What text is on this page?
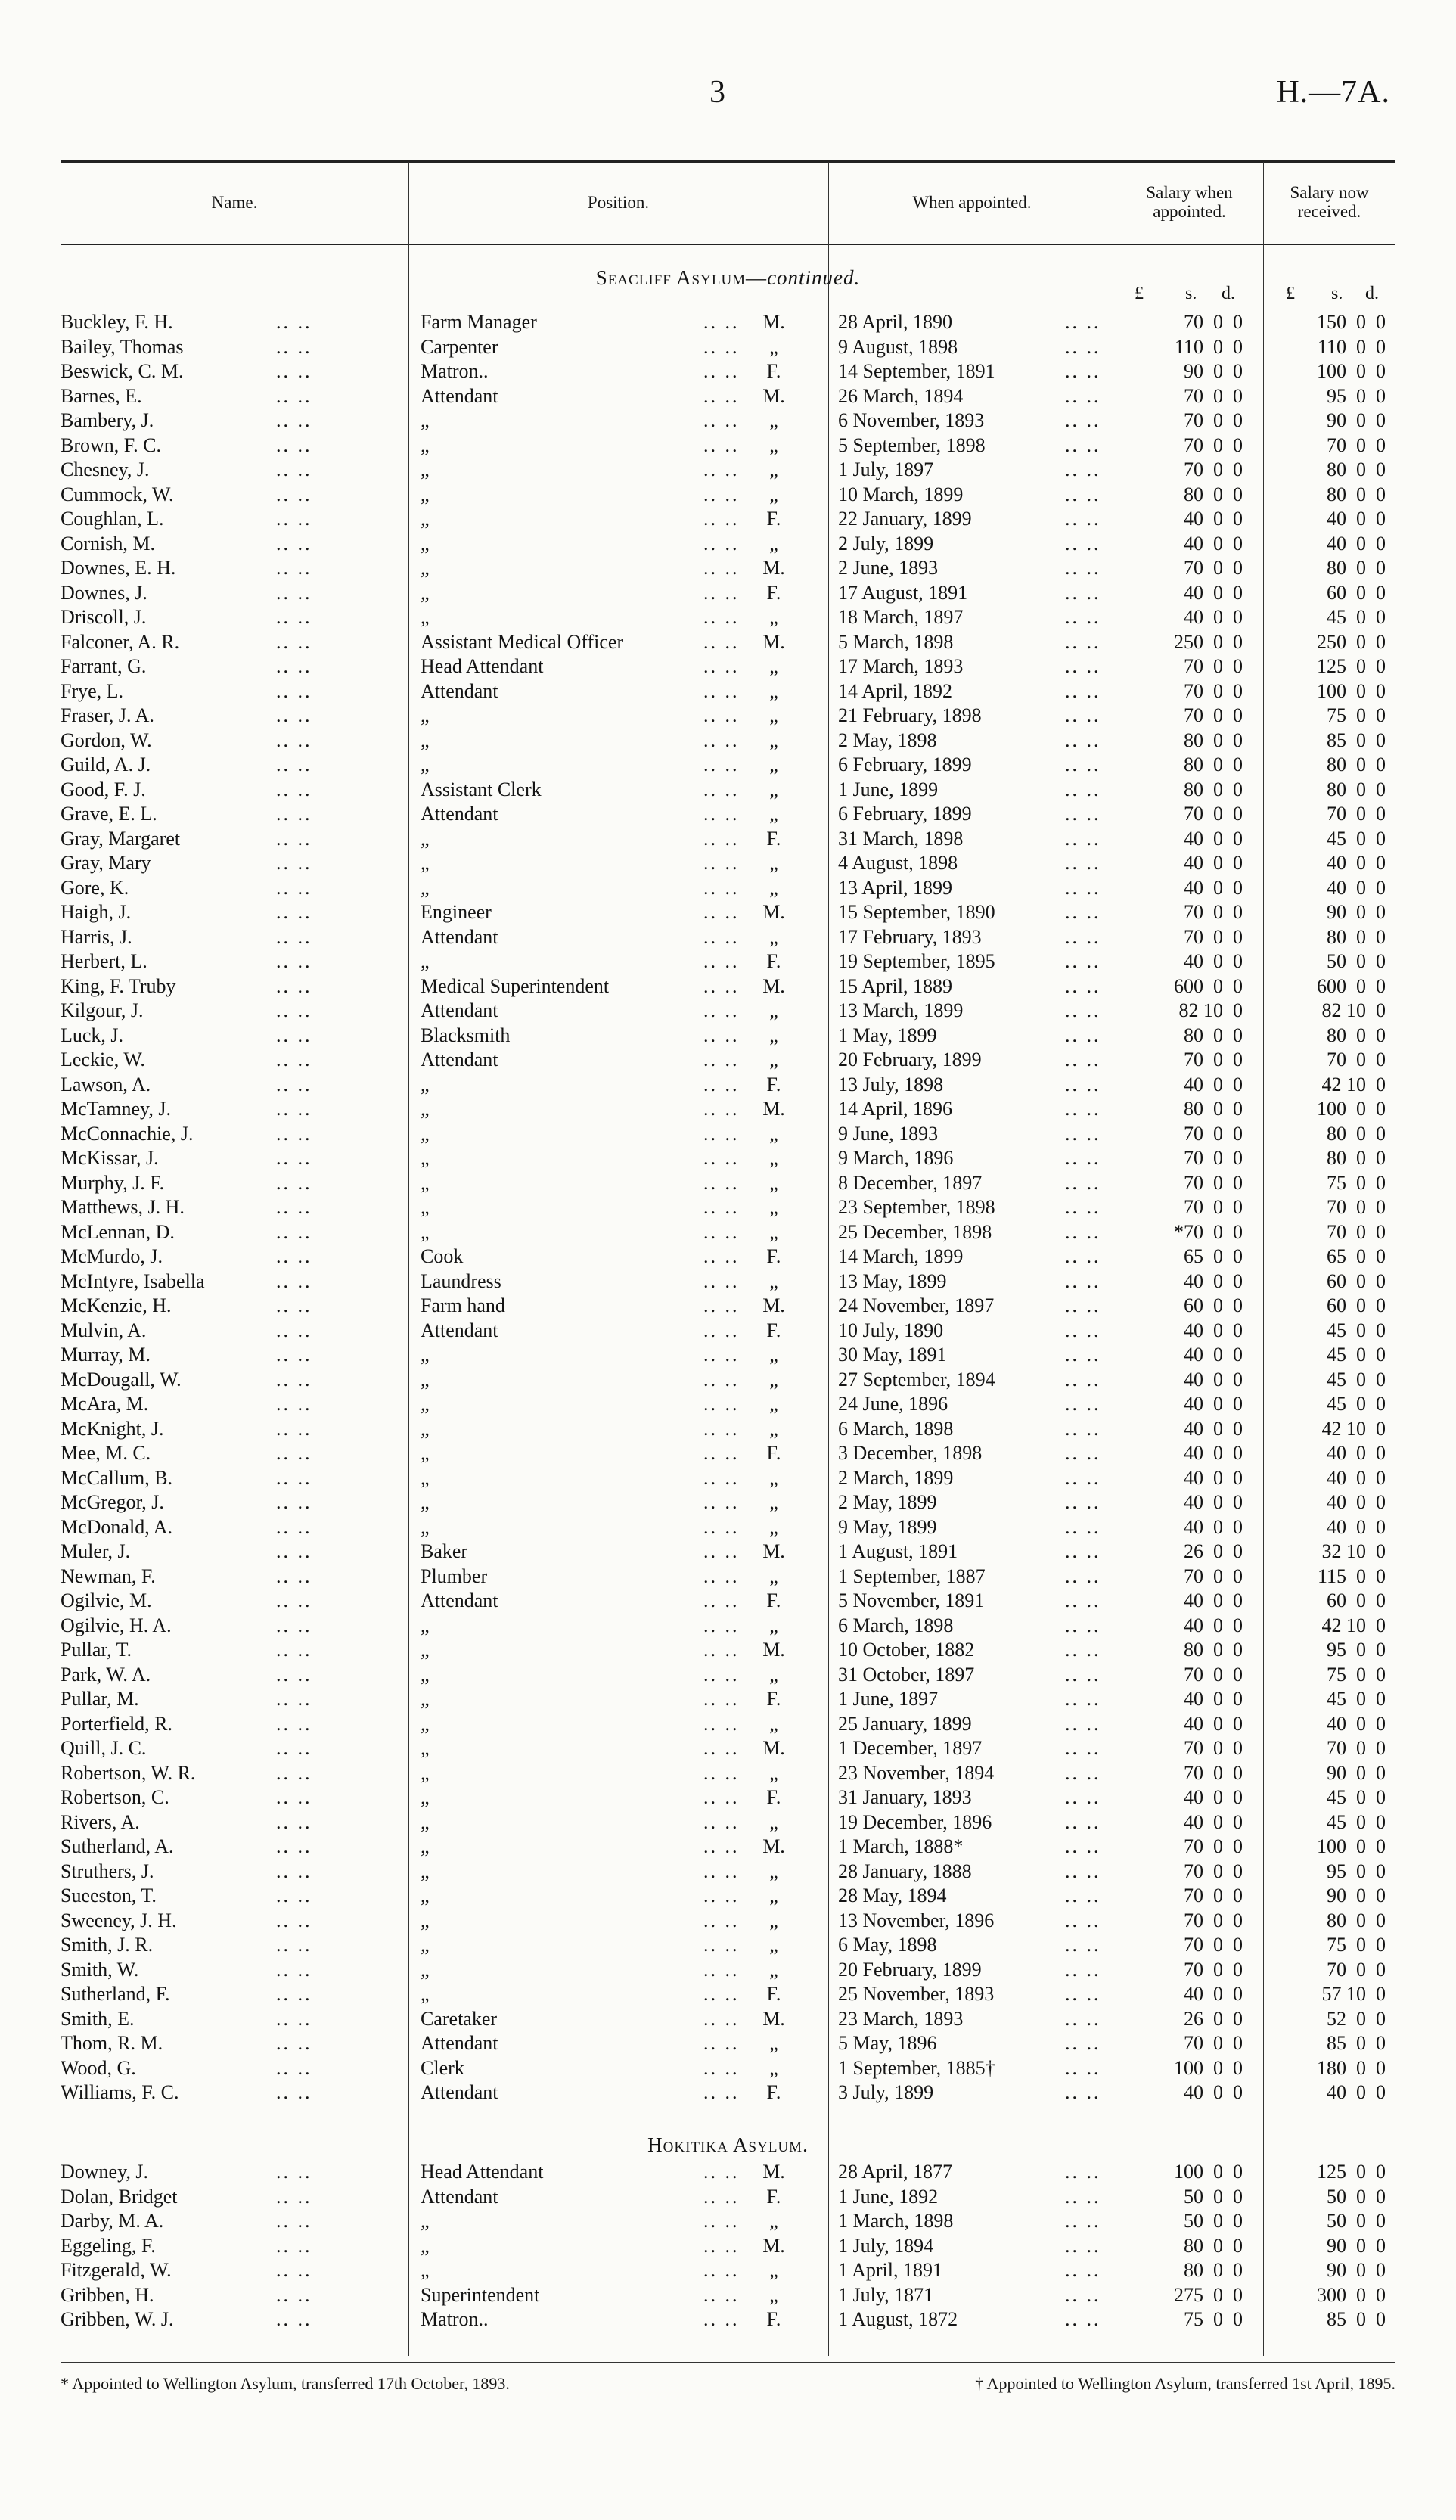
3	H.—7A.
Name.	Position.	When appointed.	Salary when appointed.
Salary now received.
Seacliff Asylum—continued.
£ s. d.	£ s. d.
Buckley, F. H.	Farm Manager	M.	28 April, 1890	70  0  0	150  0  0
.. ..	.. ..	.. ..
Bailey, Thomas	Carpenter	„	9 August, 1898	110  0  0	110  0  0
.. ..	.. ..	.. ..
Beswick, C. M.	Matron..	F.	14 September, 1891	90  0  0	100  0  0
.. ..	.. ..	.. ..
Barnes, E.	Attendant	M.	26 March, 1894	70  0  0	95  0  0
.. ..	.. ..	.. ..
Bambery, J.	„	„	6 November, 1893	70  0  0	90  0  0
.. ..	.. ..	.. ..
Brown, F. C.	„	„	5 September, 1898	70  0  0	70  0  0
.. ..	.. ..	.. ..
Chesney, J.	„	„	1 July, 1897	70  0  0	80  0  0
.. ..	.. ..	.. ..
Cummock, W.	„	„	10 March, 1899	80  0  0	80  0  0
.. ..	.. ..	.. ..
Coughlan, L.	„	F.	22 January, 1899	40  0  0	40  0  0
.. ..	.. ..	.. ..
Cornish, M.	„	„	2 July, 1899	40  0  0	40  0  0
.. ..	.. ..	.. ..
Downes, E. H.	„	M.	2 June, 1893	70  0  0	80  0  0
.. ..	.. ..	.. ..
Downes, J.	„	F.	17 August, 1891	40  0  0	60  0  0
.. ..	.. ..	.. ..
Driscoll, J.	„	„	18 March, 1897	40  0  0	45  0  0
.. ..	.. ..	.. ..
Falconer, A. R.	Assistant Medical Officer	M.	5 March, 1898	250  0  0	250  0  0
.. ..	.. ..	.. ..
Farrant, G.	Head Attendant	„	17 March, 1893	70  0  0	125  0  0
.. ..	.. ..	.. ..
Frye, L.	Attendant	„	14 April, 1892	70  0  0	100  0  0
.. ..	.. ..	.. ..
Fraser, J. A.	„	„	21 February, 1898	70  0  0	75  0  0
.. ..	.. ..	.. ..
Gordon, W.	„	„	2 May, 1898	80  0  0	85  0  0
.. ..	.. ..	.. ..
Guild, A. J.	„	„	6 February, 1899	80  0  0	80  0  0
.. ..	.. ..	.. ..
Good, F. J.	Assistant Clerk	„	1 June, 1899	80  0  0	80  0  0
.. ..	.. ..	.. ..
Grave, E. L.	Attendant	„	6 February, 1899	70  0  0	70  0  0
.. ..	.. ..	.. ..
Gray, Margaret	„	F.	31 March, 1898	40  0  0	45  0  0
.. ..	.. ..	.. ..
Gray, Mary	„	„	4 August, 1898	40  0  0	40  0  0
.. ..	.. ..	.. ..
Gore, K.	„	„	13 April, 1899	40  0  0	40  0  0
.. ..	.. ..	.. ..
Haigh, J.	Engineer	M.	15 September, 1890	70  0  0	90  0  0
.. ..	.. ..	.. ..
Harris, J.	Attendant	„	17 February, 1893	70  0  0	80  0  0
.. ..	.. ..	.. ..
Herbert, L.	„	F.	19 September, 1895	40  0  0	50  0  0
.. ..	.. ..	.. ..
King, F. Truby	Medical Superintendent	M.	15 April, 1889	600  0  0	600  0  0
.. ..	.. ..	.. ..
Kilgour, J.	Attendant	„	13 March, 1899	82 10  0	82 10  0
.. ..	.. ..	.. ..
Luck, J.	Blacksmith	„	1 May, 1899	80  0  0	80  0  0
.. ..	.. ..	.. ..
Leckie, W.	Attendant	„	20 February, 1899	70  0  0	70  0  0
.. ..	.. ..	.. ..
Lawson, A.	„	F.	13 July, 1898	40  0  0	42 10  0
.. ..	.. ..	.. ..
McTamney, J.	„	M.	14 April, 1896	80  0  0	100  0  0
.. ..	.. ..	.. ..
McConnachie, J.	„	„	9 June, 1893	70  0  0	80  0  0
.. ..	.. ..	.. ..
McKissar, J.	„	„	9 March, 1896	70  0  0	80  0  0
.. ..	.. ..	.. ..
Murphy, J. F.	„	„	8 December, 1897	70  0  0	75  0  0
.. ..	.. ..	.. ..
Matthews, J. H.	„	„	23 September, 1898	70  0  0	70  0  0
.. ..	.. ..	.. ..
McLennan, D.	„	„	25 December, 1898	*70  0  0	70  0  0
.. ..	.. ..	.. ..
McMurdo, J.	Cook	F.	14 March, 1899	65  0  0	65  0  0
.. ..	.. ..	.. ..
McIntyre, Isabella	Laundress	„	13 May, 1899	40  0  0	60  0  0
.. ..	.. ..	.. ..
McKenzie, H.	Farm hand	M.	24 November, 1897	60  0  0	60  0  0
.. ..	.. ..	.. ..
Mulvin, A.	Attendant	F.	10 July, 1890	40  0  0	45  0  0
.. ..	.. ..	.. ..
Murray, M.	„	„	30 May, 1891	40  0  0	45  0  0
.. ..	.. ..	.. ..
McDougall, W.	„	„	27 September, 1894	40  0  0	45  0  0
.. ..	.. ..	.. ..
McAra, M.	„	„	24 June, 1896	40  0  0	45  0  0
.. ..	.. ..	.. ..
McKnight, J.	„	„	6 March, 1898	40  0  0	42 10  0
.. ..	.. ..	.. ..
Mee, M. C.	„	F.	3 December, 1898	40  0  0	40  0  0
.. ..	.. ..	.. ..
McCallum, B.	„	„	2 March, 1899	40  0  0	40  0  0
.. ..	.. ..	.. ..
McGregor, J.	„	„	2 May, 1899	40  0  0	40  0  0
.. ..	.. ..	.. ..
McDonald, A.	„	„	9 May, 1899	40  0  0	40  0  0
.. ..	.. ..	.. ..
Muler, J.	Baker	M.	1 August, 1891	26  0  0	32 10  0
.. ..	.. ..	.. ..
Newman, F.	Plumber	„	1 September, 1887	70  0  0	115  0  0
.. ..	.. ..	.. ..
Ogilvie, M.	Attendant	F.	5 November, 1891	40  0  0	60  0  0
.. ..	.. ..	.. ..
Ogilvie, H. A.	„	„	6 March, 1898	40  0  0	42 10  0
.. ..	.. ..	.. ..
Pullar, T.	„	M.	10 October, 1882	80  0  0	95  0  0
.. ..	.. ..	.. ..
Park, W. A.	„	„	31 October, 1897	70  0  0	75  0  0
.. ..	.. ..	.. ..
Pullar, M.	„	F.	1 June, 1897	40  0  0	45  0  0
.. ..	.. ..	.. ..
Porterfield, R.	„	„	25 January, 1899	40  0  0	40  0  0
.. ..	.. ..	.. ..
Quill, J. C.	„	M.	1 December, 1897	70  0  0	70  0  0
.. ..	.. ..	.. ..
Robertson, W. R.	„	„	23 November, 1894	70  0  0	90  0  0
.. ..	.. ..	.. ..
Robertson, C.	„	F.	31 January, 1893	40  0  0	45  0  0
.. ..	.. ..	.. ..
Rivers, A.	„	„	19 December, 1896	40  0  0	45  0  0
.. ..	.. ..	.. ..
Sutherland, A.	„	M.	1 March, 1888*	70  0  0	100  0  0
.. ..	.. ..	.. ..
Struthers, J.	„	„	28 January, 1888	70  0  0	95  0  0
.. ..	.. ..	.. ..
Sueeston, T.	„	„	28 May, 1894	70  0  0	90  0  0
.. ..	.. ..	.. ..
Sweeney, J. H.	„	„	13 November, 1896	70  0  0	80  0  0
.. ..	.. ..	.. ..
Smith, J. R.	„	„	6 May, 1898	70  0  0	75  0  0
.. ..	.. ..	.. ..
Smith, W.	„	„	20 February, 1899	70  0  0	70  0  0
.. ..	.. ..	.. ..
Sutherland, F.	„	F.	25 November, 1893	40  0  0	57 10  0
.. ..	.. ..	.. ..
Smith, E.	Caretaker	M.	23 March, 1893	26  0  0	52  0  0
.. ..	.. ..	.. ..
Thom, R. M.	Attendant	„	5 May, 1896	70  0  0	85  0  0
.. ..	.. ..	.. ..
Wood, G.	Clerk	„	1 September, 1885†	100  0  0	180  0  0
.. ..	.. ..	.. ..
Williams, F. C.	Attendant	F.	3 July, 1899	40  0  0	40  0  0
.. ..	.. ..	.. ..
Hokitika Asylum.
Downey, J.	Head Attendant	M.	28 April, 1877	100  0  0	125  0  0
.. ..	.. ..	.. ..
Dolan, Bridget	Attendant	F.	1 June, 1892	50  0  0	50  0  0
.. ..	.. ..	.. ..
Darby, M. A.	„	„	1 March, 1898	50  0  0	50  0  0
.. ..	.. ..	.. ..
Eggeling, F.	„	M.	1 July, 1894	80  0  0	90  0  0
.. ..	.. ..	.. ..
Fitzgerald, W.	„	„	1 April, 1891	80  0  0	90  0  0
.. ..	.. ..	.. ..
Gribben, H.	Superintendent	„	1 July, 1871	275  0  0	300  0  0
.. ..	.. ..	.. ..
Gribben, W. J.	Matron..	F.	1 August, 1872	75  0  0	85  0  0
.. ..	.. ..	.. ..
* Appointed to Wellington Asylum, transferred 17th October, 1893.	† Appointed to Wellington Asylum, transferred 1st April, 1895.
